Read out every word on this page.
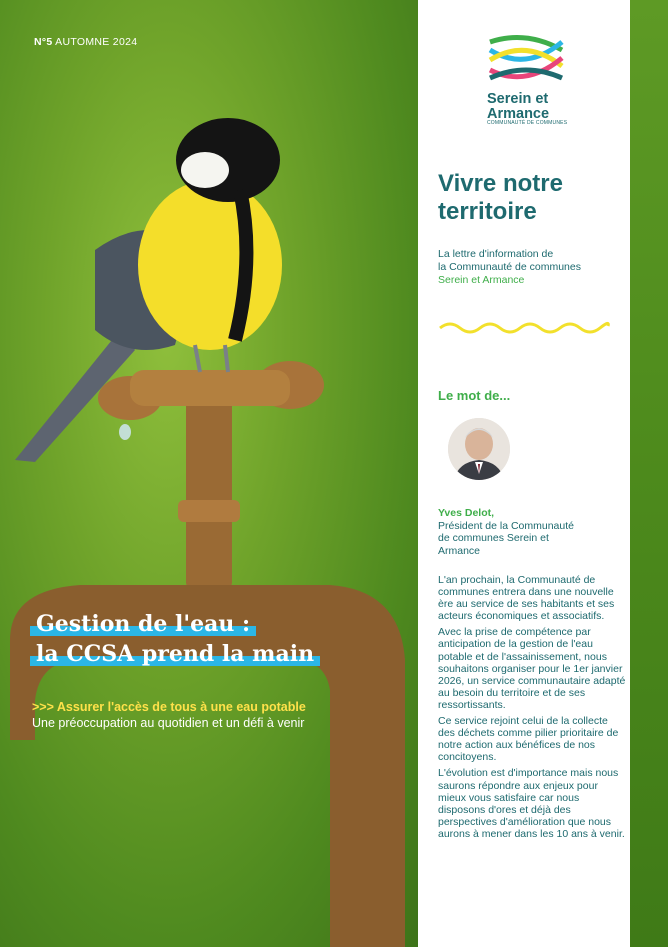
N°5 AUTOMNE 2024
Gestion de l'eau :
la CCSA prend la main
>>> Assurer l'accès de tous à une eau potable
Une préoccupation au quotidien et un défi à venir
Serein et
Armance
COMMUNAUTÉ DE COMMUNES
Vivre notre
territoire
La lettre d'information de
la Communauté de communes
Serein et Armance
Le mot de...
Yves Delot,
Président de la Communauté
de communes Serein et
Armance

L'an prochain, la Communauté de communes entrera dans une nouvelle ère au service de ses habitants et ses acteurs économiques et associatifs.

Avec la prise de compétence par anticipation de la gestion de l'eau potable et de l'assainissement, nous souhaitons organiser pour le 1er janvier 2026, un service communautaire adapté au besoin du territoire et de ses ressortissants.

Ce service rejoint celui de la collecte des déchets comme pilier prioritaire de notre action aux bénéfices de nos concitoyens.

L'évolution est d'importance mais nous saurons répondre aux enjeux pour mieux vous satisfaire car nous disposons d'ores et déjà des perspectives d'amélioration que nous aurons à mener dans les 10 ans à venir.
